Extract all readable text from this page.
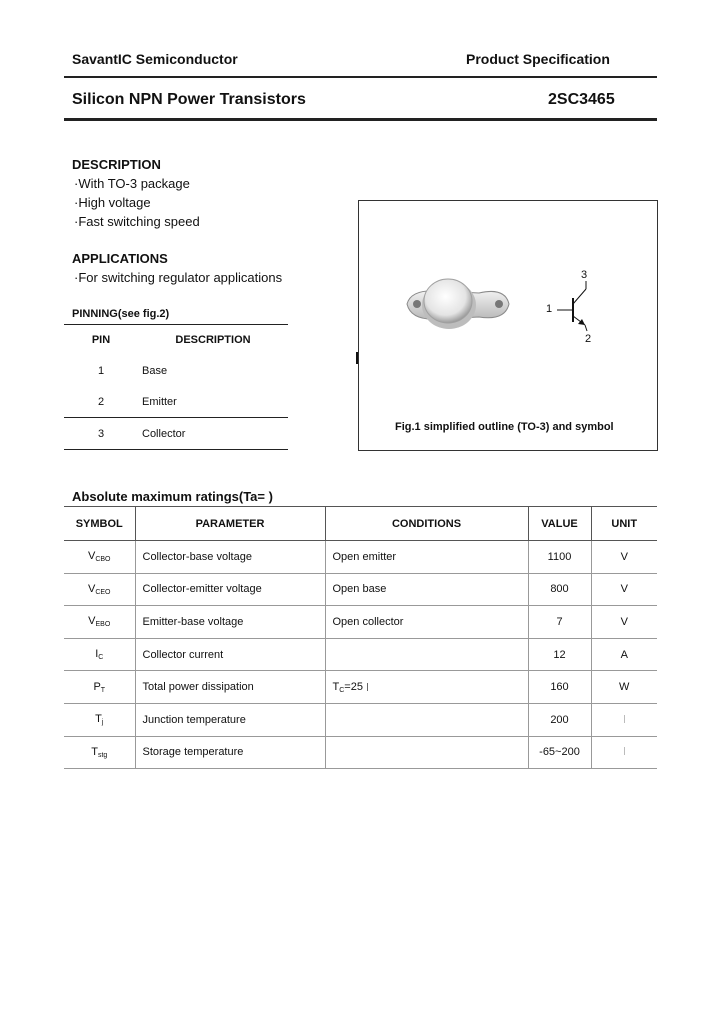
SavantIC Semiconductor	Product Specification
Silicon NPN Power Transistors	2SC3465
DESCRIPTION
·With TO-3 package
·High voltage
·Fast switching speed
APPLICATIONS
·For switching regulator applications
PINNING(see fig.2)
PIN	DESCRIPTION
1	Base
2	Emitter
3	Collector
3
1
2
Fig.1 simplified outline (TO-3) and symbol
Absolute maximum ratings(Ta= )
SYMBOL	PARAMETER	CONDITIONS	VALUE	UNIT
$V_{CBO}$	Collector-base voltage	Open emitter	1100	V
$V_{CEO}$	Collector-emitter voltage	Open base	800	V
$V_{EBO}$	Emitter-base voltage	Open collector	7	V
$I_C$	Collector current		12	A
$P_T$	Total power dissipation	$T_C=25$	160	W
$T_j$	Junction temperature		200	
$T_{stg}$	Storage temperature		-65~200	
